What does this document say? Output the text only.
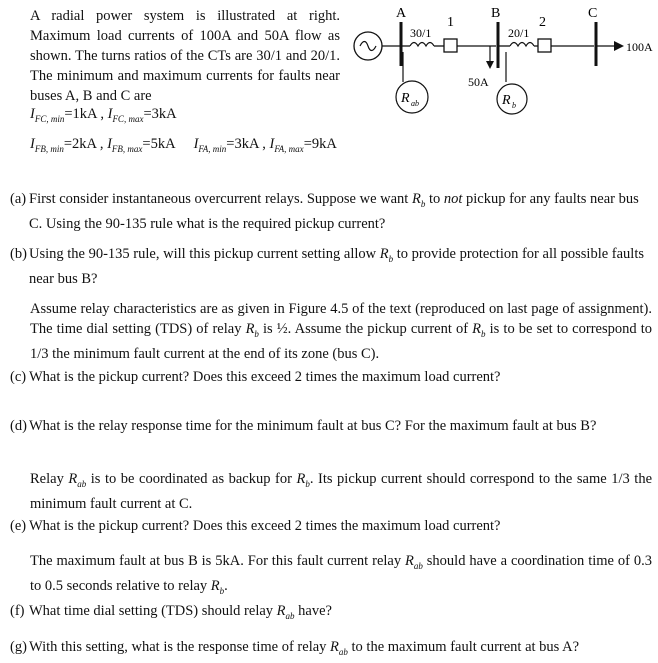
A radial power system is illustrated at right. Maximum load currents of 100A and 50A flow as shown. The turns ratios of the CTs are 30/1 and 20/1. The minimum and maximum currents for faults near buses A, B and C are

$I_{FC, min}=1kA$ , $I_{FC, max}=3kA$
$I_{FB, min}=2kA$ , $I_{FB, max}=5kA$ $I_{FA, min}=3kA$ , $I_{FA, max}=9kA$
A
30/1
1
R ab
B
50A
20/1
2
R b
C
100A
(a) First consider instantaneous overcurrent relays. Suppose we want $R_b$ to not pickup for any faults near bus C. Using the 90-135 rule what is the required pickup current?
(b) Using the 90-135 rule, will this pickup current setting allow $R_b$ to provide protection for all possible faults near bus B?
Assume relay characteristics are as given in Figure 4.5 of the text (reproduced on last page of assignment). The time dial setting (TDS) of relay $R_b$ is ½. Assume the pickup current of $R_b$ is to be set to correspond to 1/3 the minimum fault current at the end of its zone (bus C).
(c) What is the pickup current? Does this exceed 2 times the maximum load current?
(d) What is the relay response time for the minimum fault at bus C? For the maximum fault at bus B?
Relay $R_{ab}$ is to be coordinated as backup for $R_b$. Its pickup current should correspond to the same 1/3 the minimum fault current at C.
(e) What is the pickup current? Does this exceed 2 times the maximum load current?
The maximum fault at bus B is 5kA. For this fault current relay $R_{ab}$ should have a coordination time of 0.3 to 0.5 seconds relative to relay $R_b$.
(f) What time dial setting (TDS) should relay $R_{ab}$ have?
(g) With this setting, what is the response time of relay $R_{ab}$ to the maximum fault current at bus A?
